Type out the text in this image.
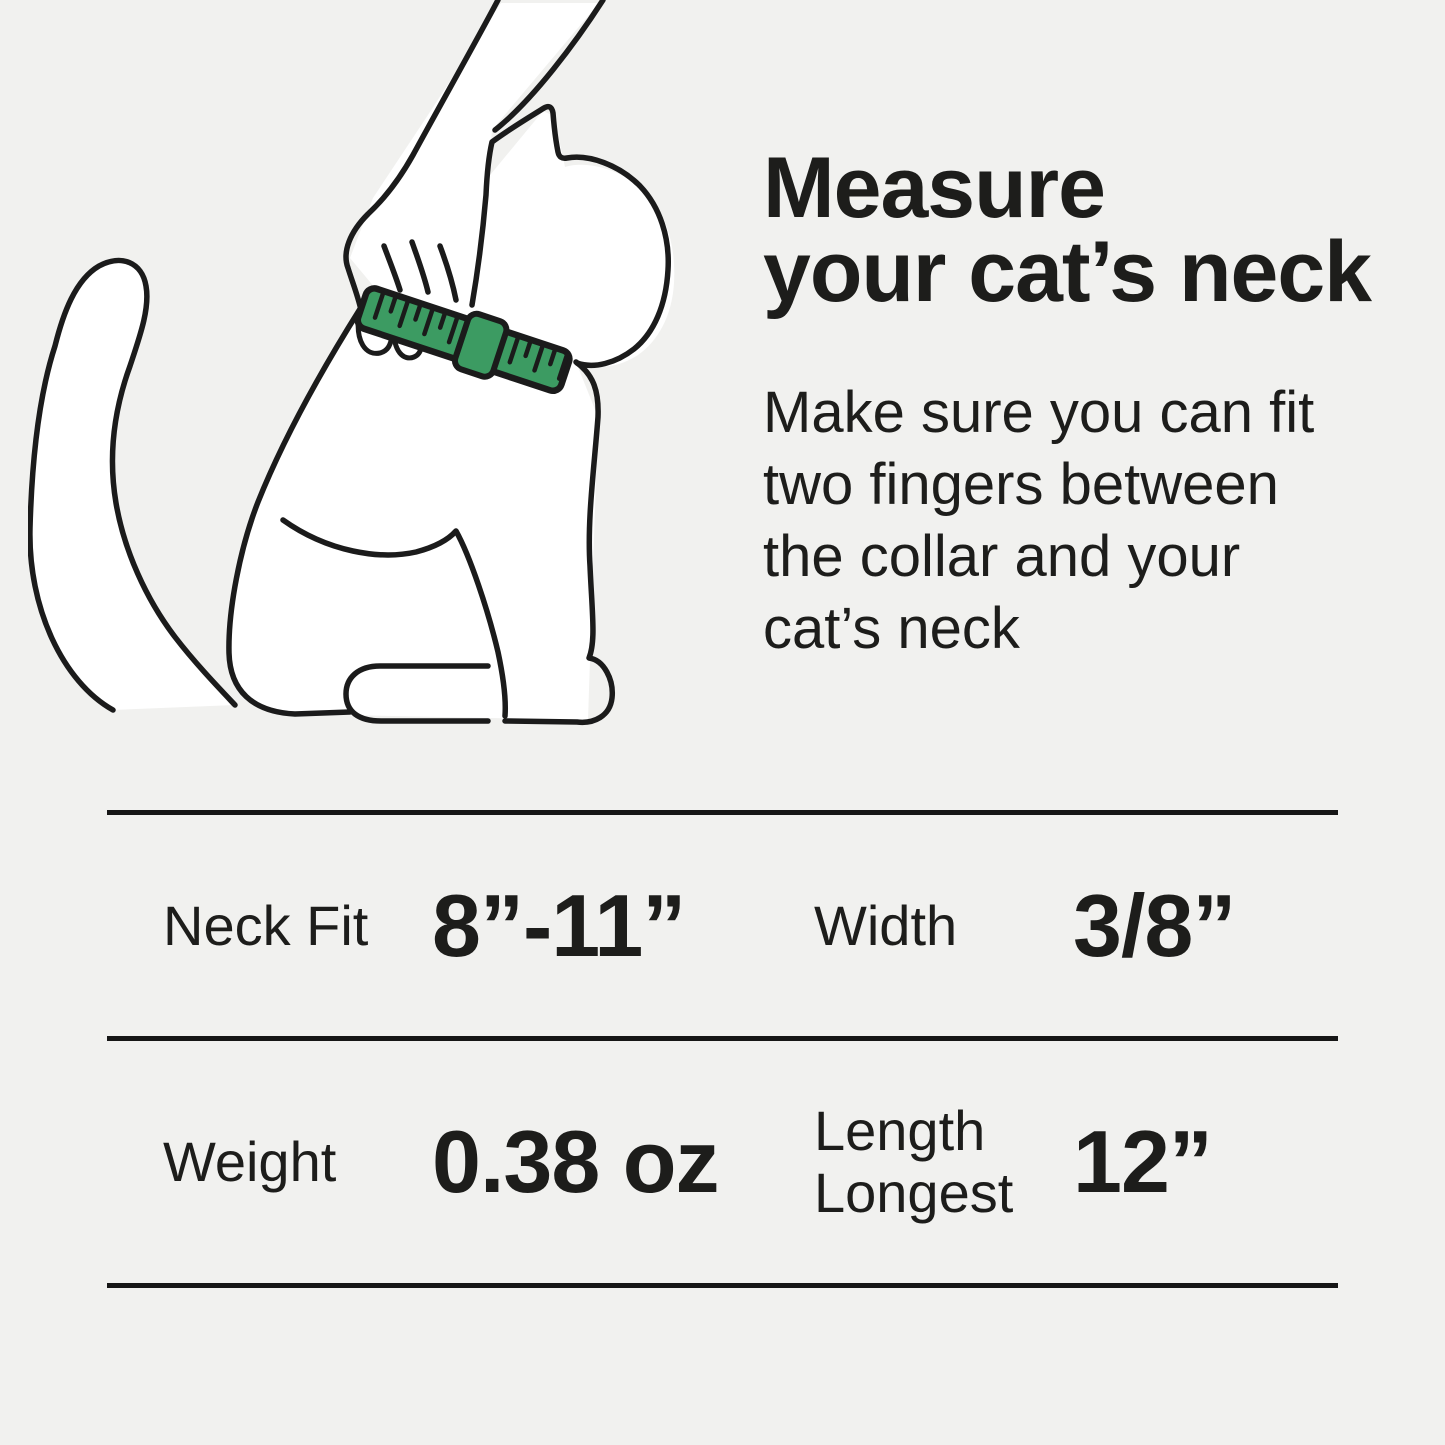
Measure
your cat’s neck
Make sure you can fit
two fingers between
the collar and your
cat’s neck
Neck Fit 8”-11”	Width	3/8”
Weight	0.38 oz	Length Longest 12”
